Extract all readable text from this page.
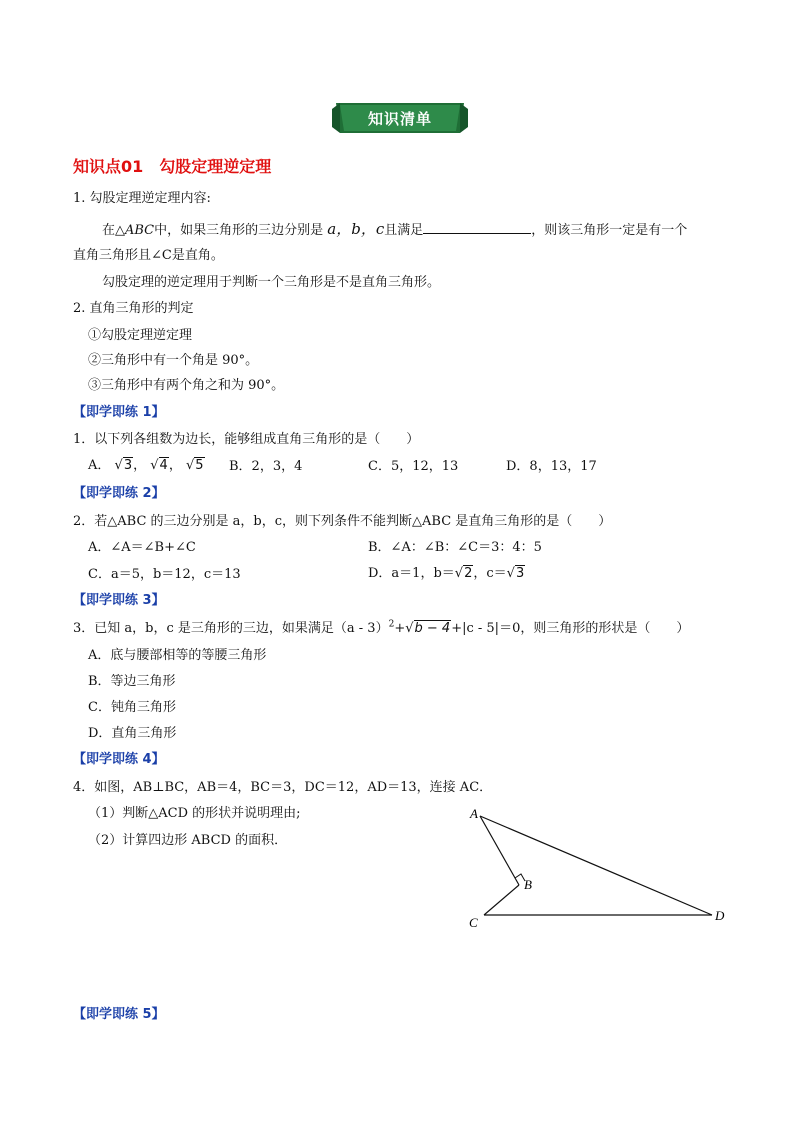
知识清单
知识点01　勾股定理逆定理
1. 勾股定理逆定理内容:
在△ABC中，如果三角形的三边分别是 a，b，c且满足	，则该三角形一定是有一个
直角三角形且∠C是直角。
勾股定理的逆定理用于判断一个三角形是不是直角三角形。
2. 直角三角形的判定
①勾股定理逆定理
②三角形中有一个角是 90°。
③三角形中有两个角之和为 90°。
【即学即练 1】
1．以下列各组数为边长，能够组成直角三角形的是（　　）
A． √3， √4， √5 B．2，3，4	C．5，12，13	D．8，13，17
【即学即练 2】
2．若△ABC 的三边分别是 a，b，c，则下列条件不能判断△ABC 是直角三角形的是（　　）
A．∠A＝∠B+∠C	B．∠A：∠B：∠C＝3：4：5
C．a＝5，b＝12，c＝13	D．a＝1，b＝√2，c＝√3
【即学即练 3】
3．已知 a，b，c 是三角形的三边，如果满足（a - 3）$^2$+√b − 4+|c - 5|＝0，则三角形的形状是（　　）
A．底与腰部相等的等腰三角形
B．等边三角形
C．钝角三角形
D．直角三角形
【即学即练 4】
4．如图，AB⊥BC，AB＝4，BC＝3，DC＝12，AD＝13，连接 AC．
（1）判断△ACD 的形状并说明理由;
（2）计算四边形 ABCD 的面积．
A
B
C	D
【即学即练 5】
